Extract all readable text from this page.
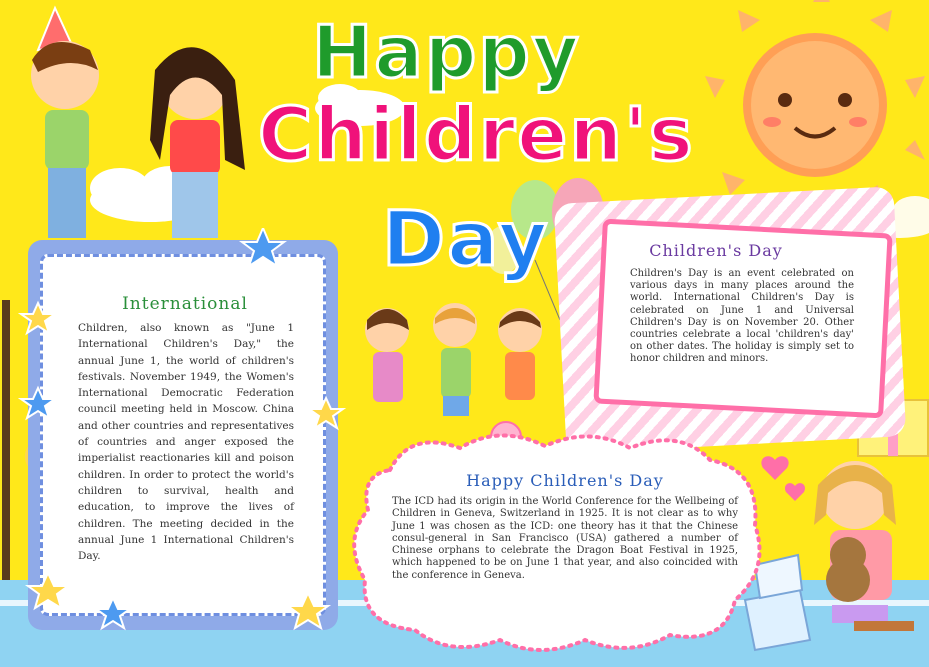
Happy
Children's
Day
International

Children, also known as "June 1 International Children's Day," the annual June 1, the world of children's festivals. November 1949, the Women's International Democratic Federation council meeting held in Moscow. China and other countries and representatives of countries and anger exposed the imperialist reactionaries kill and poison children. In order to protect the world's children to survival, health and education, to improve the lives of children. The meeting decided in the annual June 1 International Children's Day.

Children's Day

Children's Day is an event celebrated on various days in many places around the world. International Children's Day is celebrated on June 1 and Universal Children's Day is on November 20. Other countries celebrate a local 'children's day' on other dates. The holiday is simply set to honor children and minors.

Happy Children's Day

The ICD had its origin in the World Conference for the Wellbeing of Children in Geneva, Switzerland in 1925. It is not clear as to why June 1 was chosen as the ICD: one theory has it that the Chinese consul-general in San Francisco (USA) gathered a number of Chinese orphans to celebrate the Dragon Boat Festival in 1925, which happened to be on June 1 that year, and also coincided with the conference in Geneva.
